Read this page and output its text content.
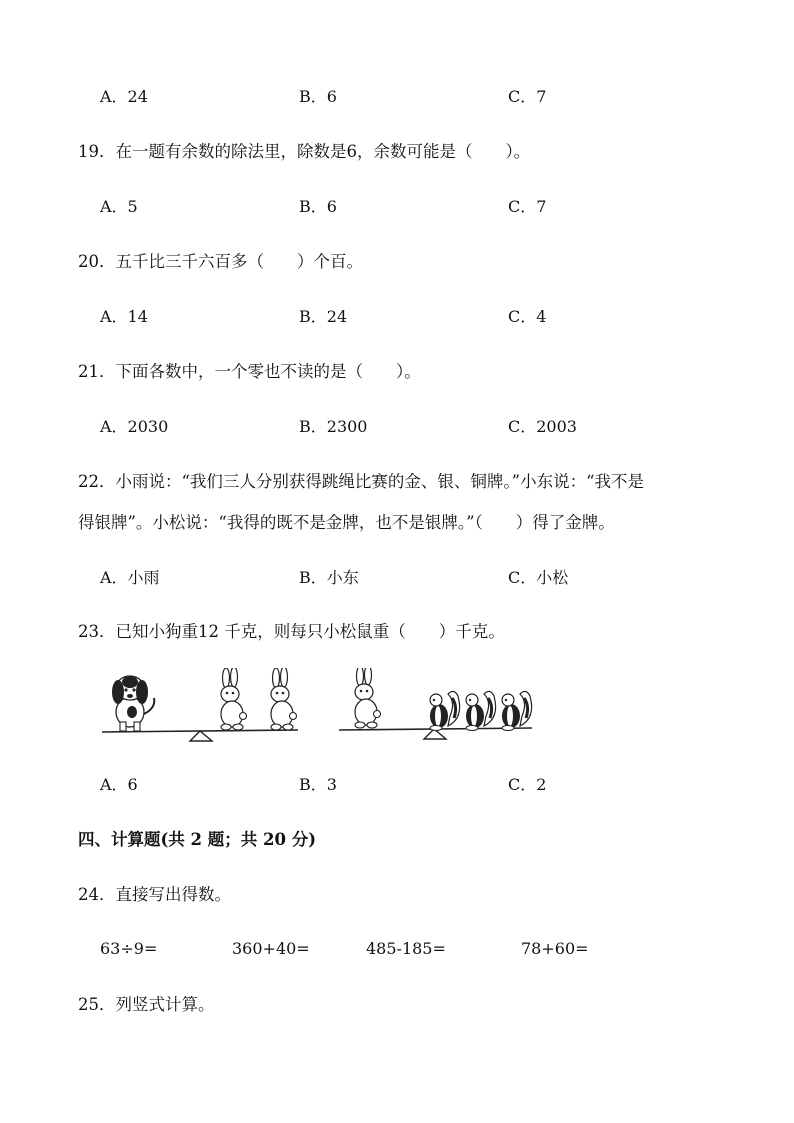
A．24	B．6	C．7
19．在一题有余数的除法里，除数是6，余数可能是（　　）。
A．5	B．6	C．7
20．五千比三千六百多（　　）个百。
A．14	B．24	C．4
21．下面各数中，一个零也不读的是（　　）。
A．2030	B．2300	C．2003
22．小雨说：“我们三人分别获得跳绳比赛的金、银、铜牌。”小东说：“我不是
得银牌”。小松说：“我得的既不是金牌，也不是银牌。”（　　）得了金牌。
A．小雨	B．小东	C．小松
23．已知小狗重12 千克，则每只小松鼠重（　　）千克。
A．6	B．3	C．2
四、计算题(共 2 题；共 20 分)
24．直接写出得数。
63÷9=	360+40=	485-185=	78+60=
25．列竖式计算。
